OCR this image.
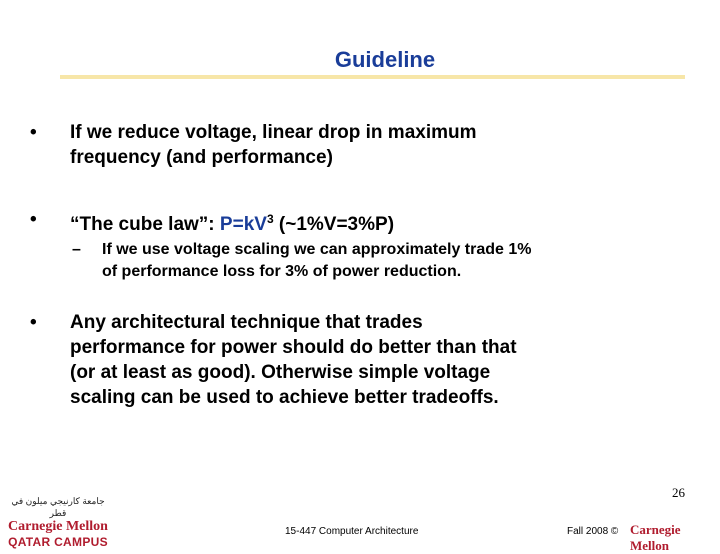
Guideline
• If we reduce voltage, linear drop in maximum
frequency (and performance)
• “The cube law”: $P=kV^3$ (~1%V=3%P)
– If we use voltage scaling we can approximately trade 1%
of performance loss for 3% of power reduction.
• Any architectural technique that trades
performance for power should do better than that
(or at least as good). Otherwise simple voltage
scaling can be used to achieve better tradeoffs.
26
جامعة كارنيجي ميلون في قطر
Carnegie Mellon
QATAR CAMPUS
15-447 Computer Architecture	Fall 2008 © Carnegie Mellon
